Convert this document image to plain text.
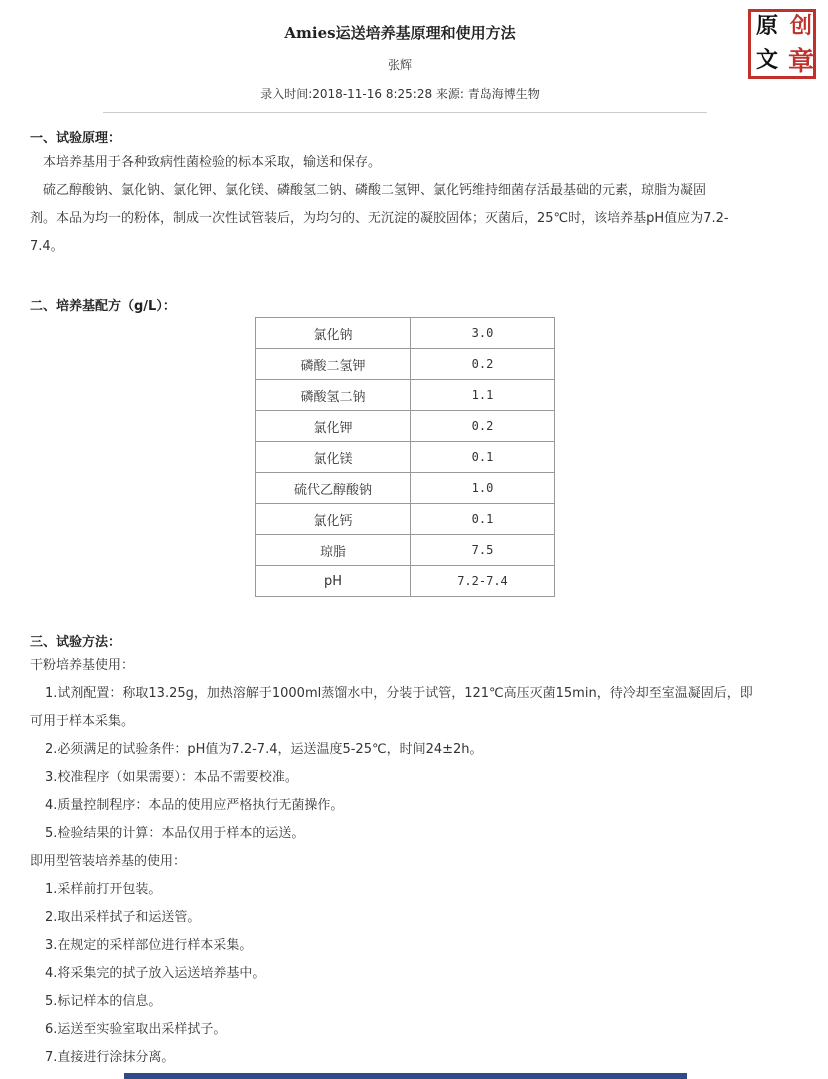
Amies运送培养基原理和使用方法
张辉
录入时间:2018-11-16 8:25:28 来源: 青岛海博生物
原 创
文 章
一、试验原理：
本培养基用于各种致病性菌检验的标本采取，输送和保存。
硫乙醇酸钠、氯化钠、氯化钾、氯化镁、磷酸氢二钠、磷酸二氢钾、氯化钙维持细菌存活最基础的元素，琼脂为凝固
剂。本品为均一的粉体，制成一次性试管装后，为均匀的、无沉淀的凝胶固体；灭菌后，25℃时，该培养基pH值应为7.2-
7.4。
二、培养基配方（g/L）：
氯化钠	3.0
磷酸二氢钾	0.2
磷酸氢二钠	1.1
氯化钾	0.2
氯化镁	0.1
硫代乙醇酸钠	1.0
氯化钙	0.1
琼脂	7.5
pH	7.2-7.4
三、试验方法：
干粉培养基使用：
1.试剂配置：称取13.25g，加热溶解于1000ml蒸馏水中，分装于试管，121℃高压灭菌15min，待冷却至室温凝固后，即
可用于样本采集。
2.必须满足的试验条件：pH值为7.2-7.4，运送温度5-25℃，时间24±2h。
3.校准程序（如果需要）：本品不需要校准。
4.质量控制程序：本品的使用应严格执行无菌操作。
5.检验结果的计算：本品仅用于样本的运送。
即用型管装培养基的使用：
1.采样前打开包装。
2.取出采样拭子和运送管。
3.在规定的采样部位进行样本采集。
4.将采集完的拭子放入运送培养基中。
5.标记样本的信息。
6.运送至实验室取出采样拭子。
7.直接进行涂抹分离。
